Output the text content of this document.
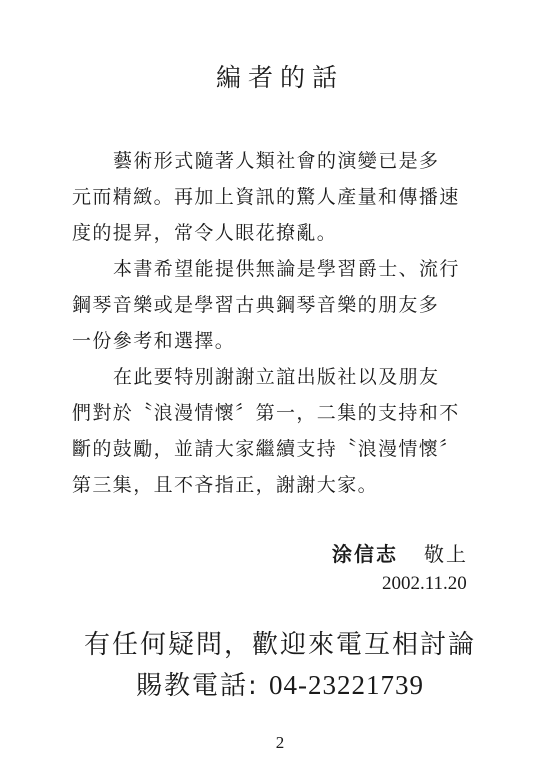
編者的話
藝術形式隨著人類社會的演變已是多
元而精緻。再加上資訊的驚人產量和傳播速
度的提昇，常令人眼花撩亂。
本書希望能提供無論是學習爵士、流行
鋼琴音樂或是學習古典鋼琴音樂的朋友多
一份參考和選擇。
在此要特別謝謝立誼出版社以及朋友
們對於〝浪漫情懷〞第一，二集的支持和不
斷的鼓勵，並請大家繼續支持〝浪漫情懷〞
第三集，且不吝指正，謝謝大家。
涂信志 敬上
2002.11.20
有任何疑問，歡迎來電互相討論
賜教電話: 04-23221739
2
